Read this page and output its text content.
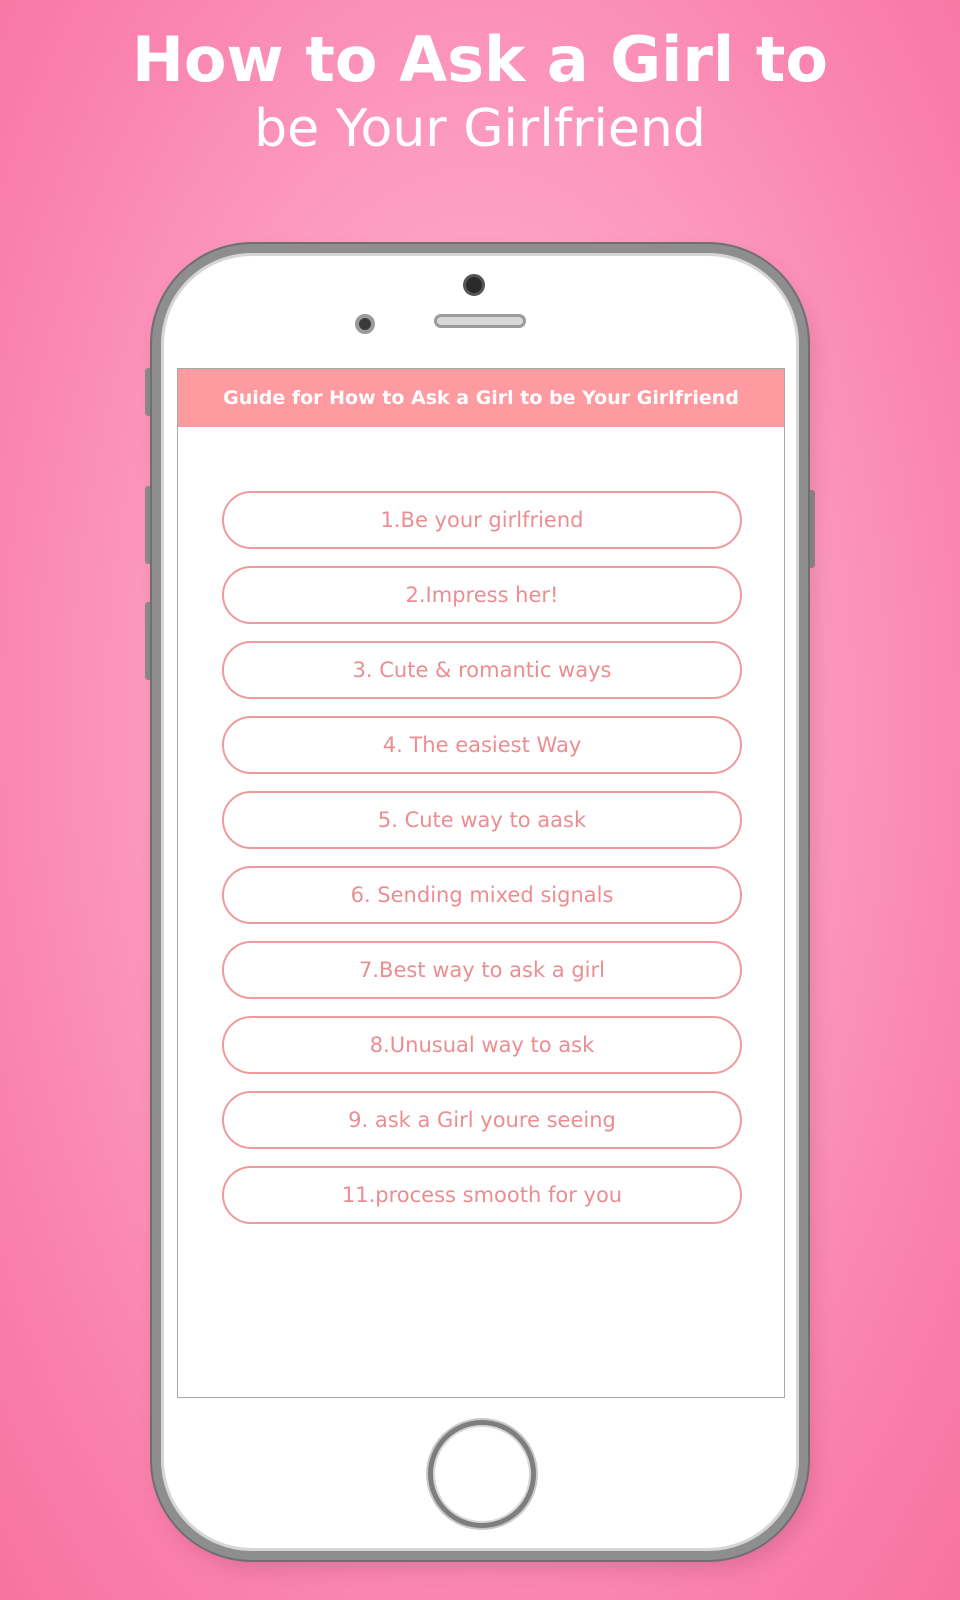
How to Ask a Girl to
be Your Girlfriend
Guide for How to Ask a Girl to be Your Girlfriend
1.Be your girlfriend
2.Impress her!
3. Cute & romantic ways
4. The easiest Way
5. Cute way to aask
6. Sending mixed signals
7.Best way to ask a girl
8.Unusual way to ask
9. ask a Girl youre seeing
11.process smooth for you
